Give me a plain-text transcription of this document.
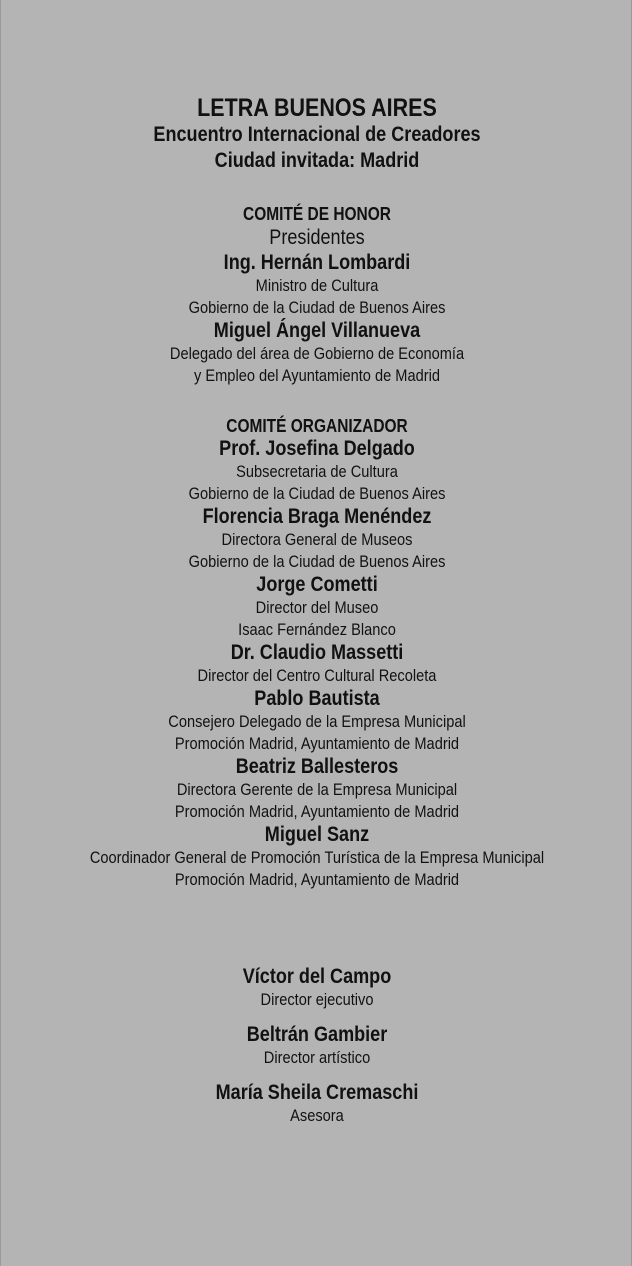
LETRA BUENOS AIRES
Encuentro Internacional de Creadores
Ciudad invitada: Madrid
COMITÉ DE HONOR
Presidentes
Ing. Hernán Lombardi
Ministro de Cultura
Gobierno de la Ciudad de Buenos Aires
Miguel Ángel Villanueva
Delegado del área de Gobierno de Economía
y Empleo del Ayuntamiento de Madrid
COMITÉ ORGANIZADOR
Prof. Josefina Delgado
Subsecretaria de Cultura
Gobierno de la Ciudad de Buenos Aires
Florencia Braga Menéndez
Directora General de Museos
Gobierno de la Ciudad de Buenos Aires
Jorge Cometti
Director del Museo
Isaac Fernández Blanco
Dr. Claudio Massetti
Director del Centro Cultural Recoleta
Pablo Bautista
Consejero Delegado de la Empresa Municipal
Promoción Madrid, Ayuntamiento de Madrid
Beatriz Ballesteros
Directora Gerente de la Empresa Municipal
Promoción Madrid, Ayuntamiento de Madrid
Miguel Sanz
Coordinador General de Promoción Turística de la Empresa Municipal
Promoción Madrid, Ayuntamiento de Madrid
Víctor del Campo
Director ejecutivo
Beltrán Gambier
Director artístico
María Sheila Cremaschi
Asesora
